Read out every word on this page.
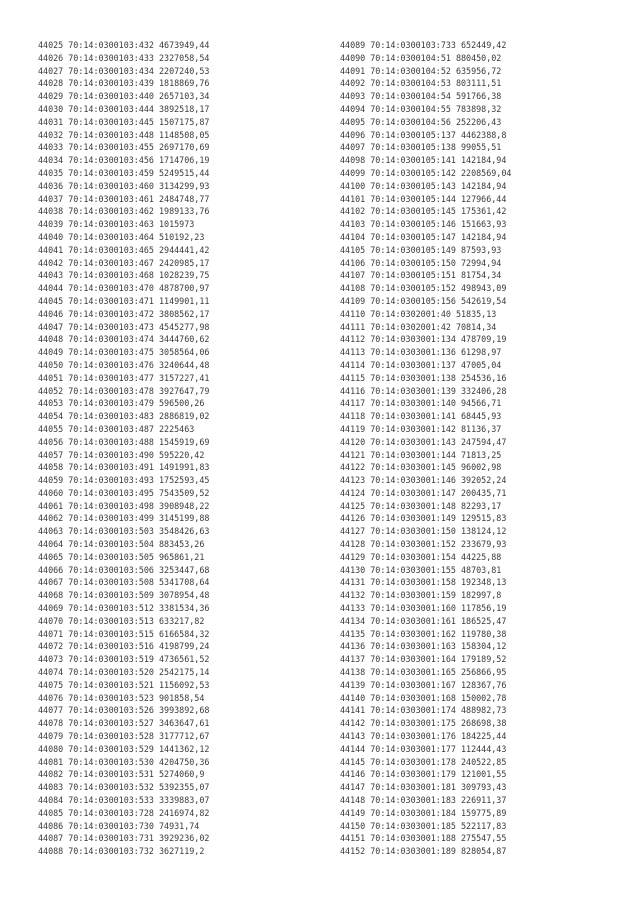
44025 70:14:0300103:432 4673949,44
44026 70:14:0300103:433 2327058,54
44027 70:14:0300103:434 2207240,53
44028 70:14:0300103:439 1818869,76
44029 70:14:0300103:440 2657103,34
44030 70:14:0300103:444 3892518,17
44031 70:14:0300103:445 1507175,87
44032 70:14:0300103:448 1148508,05
44033 70:14:0300103:455 2697170,69
44034 70:14:0300103:456 1714706,19
44035 70:14:0300103:459 5249515,44
44036 70:14:0300103:460 3134299,93
44037 70:14:0300103:461 2484748,77
44038 70:14:0300103:462 1989133,76
44039 70:14:0300103:463 1015973
44040 70:14:0300103:464 510192,23
44041 70:14:0300103:465 2944441,42
44042 70:14:0300103:467 2420985,17
44043 70:14:0300103:468 1028239,75
44044 70:14:0300103:470 4878700,97
44045 70:14:0300103:471 1149901,11
44046 70:14:0300103:472 3808562,17
44047 70:14:0300103:473 4545277,98
44048 70:14:0300103:474 3444760,62
44049 70:14:0300103:475 3058564,06
44050 70:14:0300103:476 3240644,48
44051 70:14:0300103:477 3157227,41
44052 70:14:0300103:478 3927647,79
44053 70:14:0300103:479 596500,26
44054 70:14:0300103:483 2886819,02
44055 70:14:0300103:487 2225463
44056 70:14:0300103:488 1545919,69
44057 70:14:0300103:490 595220,42
44058 70:14:0300103:491 1491991,83
44059 70:14:0300103:493 1752593,45
44060 70:14:0300103:495 7543509,52
44061 70:14:0300103:498 3908948,22
44062 70:14:0300103:499 3145199,88
44063 70:14:0300103:503 3548426,63
44064 70:14:0300103:504 883453,26
44065 70:14:0300103:505 965861,21
44066 70:14:0300103:506 3253447,68
44067 70:14:0300103:508 5341708,64
44068 70:14:0300103:509 3078954,48
44069 70:14:0300103:512 3381534,36
44070 70:14:0300103:513 633217,82
44071 70:14:0300103:515 6166584,32
44072 70:14:0300103:516 4198799,24
44073 70:14:0300103:519 4736561,52
44074 70:14:0300103:520 2542175,14
44075 70:14:0300103:521 1156092,53
44076 70:14:0300103:523 901858,54
44077 70:14:0300103:526 3993892,68
44078 70:14:0300103:527 3463647,61
44079 70:14:0300103:528 3177712,67
44080 70:14:0300103:529 1441362,12
44081 70:14:0300103:530 4204750,36
44082 70:14:0300103:531 5274060,9
44083 70:14:0300103:532 5392355,07
44084 70:14:0300103:533 3339883,07
44085 70:14:0300103:728 2416974,82
44086 70:14:0300103:730 74931,74
44087 70:14:0300103:731 3929236,02
44088 70:14:0300103:732 3627119,2
44089 70:14:0300103:733 652449,42
44090 70:14:0300104:51 880450,02
44091 70:14:0300104:52 635956,72
44092 70:14:0300104:53 803111,51
44093 70:14:0300104:54 591766,38
44094 70:14:0300104:55 783898,32
44095 70:14:0300104:56 252206,43
44096 70:14:0300105:137 4462388,8
44097 70:14:0300105:138 99055,51
44098 70:14:0300105:141 142184,94
44099 70:14:0300105:142 2208569,04
44100 70:14:0300105:143 142184,94
44101 70:14:0300105:144 127966,44
44102 70:14:0300105:145 175361,42
44103 70:14:0300105:146 151663,93
44104 70:14:0300105:147 142184,94
44105 70:14:0300105:149 87593,93
44106 70:14:0300105:150 72994,94
44107 70:14:0300105:151 81754,34
44108 70:14:0300105:152 498943,09
44109 70:14:0300105:156 542619,54
44110 70:14:0302001:40 51835,13
44111 70:14:0302001:42 70814,34
44112 70:14:0303001:134 478709,19
44113 70:14:0303001:136 61298,97
44114 70:14:0303001:137 47005,04
44115 70:14:0303001:138 254536,16
44116 70:14:0303001:139 332406,28
44117 70:14:0303001:140 94566,71
44118 70:14:0303001:141 68445,93
44119 70:14:0303001:142 81136,37
44120 70:14:0303001:143 247594,47
44121 70:14:0303001:144 71813,25
44122 70:14:0303001:145 96002,98
44123 70:14:0303001:146 392052,24
44124 70:14:0303001:147 200435,71
44125 70:14:0303001:148 82293,17
44126 70:14:0303001:149 129515,83
44127 70:14:0303001:150 138124,12
44128 70:14:0303001:152 233679,93
44129 70:14:0303001:154 44225,88
44130 70:14:0303001:155 48703,81
44131 70:14:0303001:158 192348,13
44132 70:14:0303001:159 182997,8
44133 70:14:0303001:160 117856,19
44134 70:14:0303001:161 186525,47
44135 70:14:0303001:162 119780,38
44136 70:14:0303001:163 158304,12
44137 70:14:0303001:164 179189,52
44138 70:14:0303001:165 256866,95
44139 70:14:0303001:167 128367,76
44140 70:14:0303001:168 150002,78
44141 70:14:0303001:174 488982,73
44142 70:14:0303001:175 268698,38
44143 70:14:0303001:176 184225,44
44144 70:14:0303001:177 112444,43
44145 70:14:0303001:178 240522,85
44146 70:14:0303001:179 121001,55
44147 70:14:0303001:181 309793,43
44148 70:14:0303001:183 226911,37
44149 70:14:0303001:184 159775,89
44150 70:14:0303001:185 522117,83
44151 70:14:0303001:188 275547,55
44152 70:14:0303001:189 828054,87
